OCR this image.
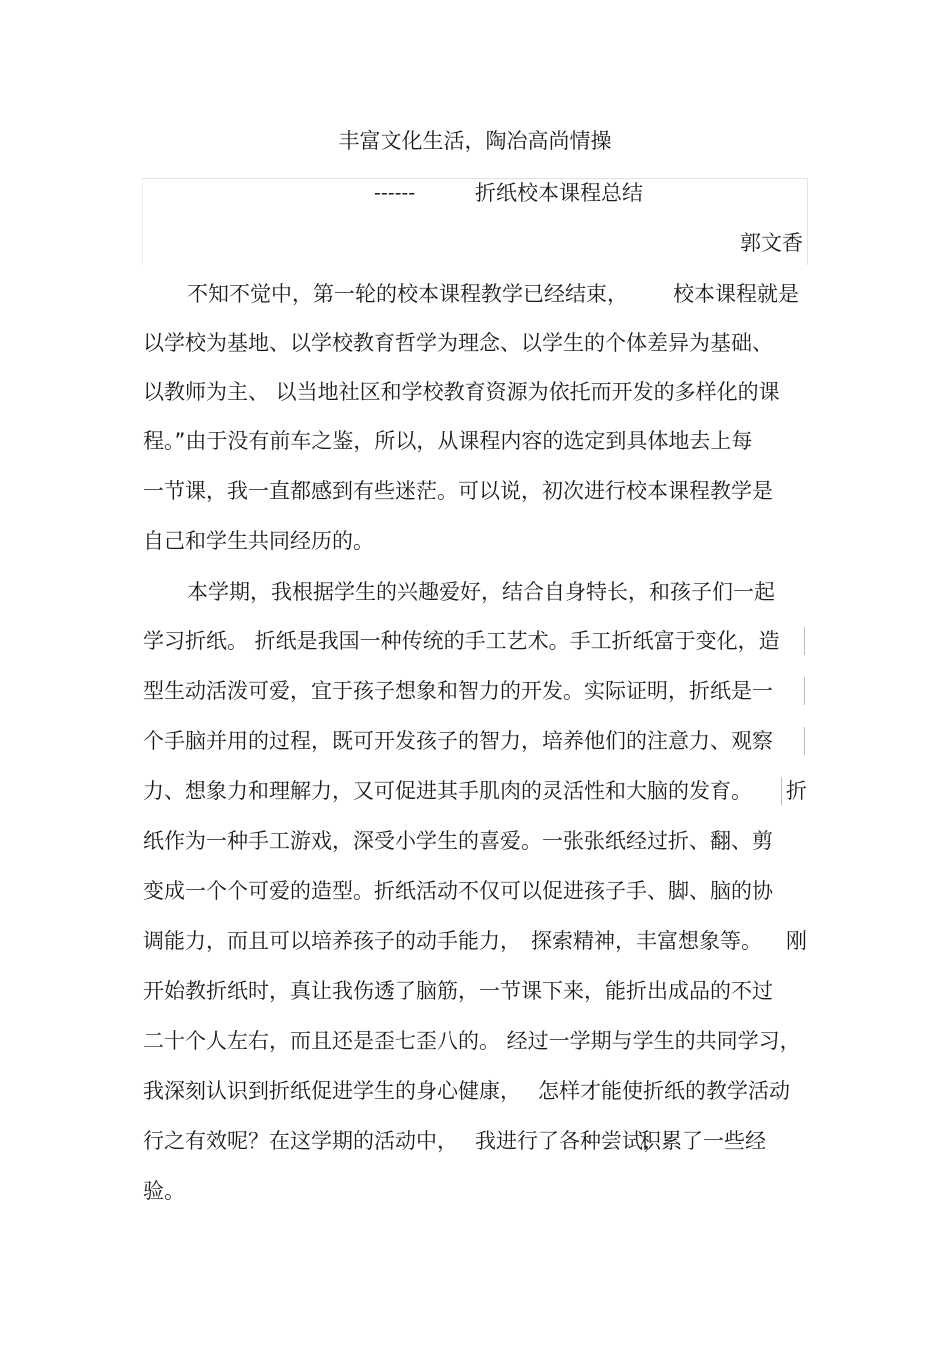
丰富文化生活，陶冶高尚情操
------	折纸校本课程总结
郭文香
不知不觉中，第一轮的校本课程教学已经结束， 校本课程就是
以学校为基地、以学校教育哲学为理念、以学生的个体差异为基础、
以教师为主、 以当地社区和学校教育资源为依托而开发的多样化的课
程。”由于没有前车之鉴，所以，从课程内容的选定到具体地去上每
一节课，我一直都感到有些迷茫。可以说，初次进行校本课程教学是
自己和学生共同经历的。
本学期，我根据学生的兴趣爱好，结合自身特长，和孩子们一起
学习折纸。 折纸是我国一种传统的手工艺术。手工折纸富于变化，造
型生动活泼可爱，宜于孩子想象和智力的开发。实际证明，折纸是一
个手脑并用的过程，既可开发孩子的智力，培养他们的注意力、观察
力、想象力和理解力，又可促进其手肌肉的灵活性和大脑的发育。 折
纸作为一种手工游戏，深受小学生的喜爱。一张张纸经过折、翻、剪
变成一个个可爱的造型。折纸活动不仅可以促进孩子手、脚、脑的协
调能力，而且可以培养孩子的动手能力， 探索精神，丰富想象等。 刚
开始教折纸时，真让我伤透了脑筋，一节课下来，能折出成品的不过
二十个人左右，而且还是歪七歪八的。 经过一学期与学生的共同学习，
我深刻认识到折纸促进学生的身心健康， 怎样才能使折纸的教学活动
行之有效呢？在这学期的活动中， 我进行了各种尝试，
积累了一些经
验。
